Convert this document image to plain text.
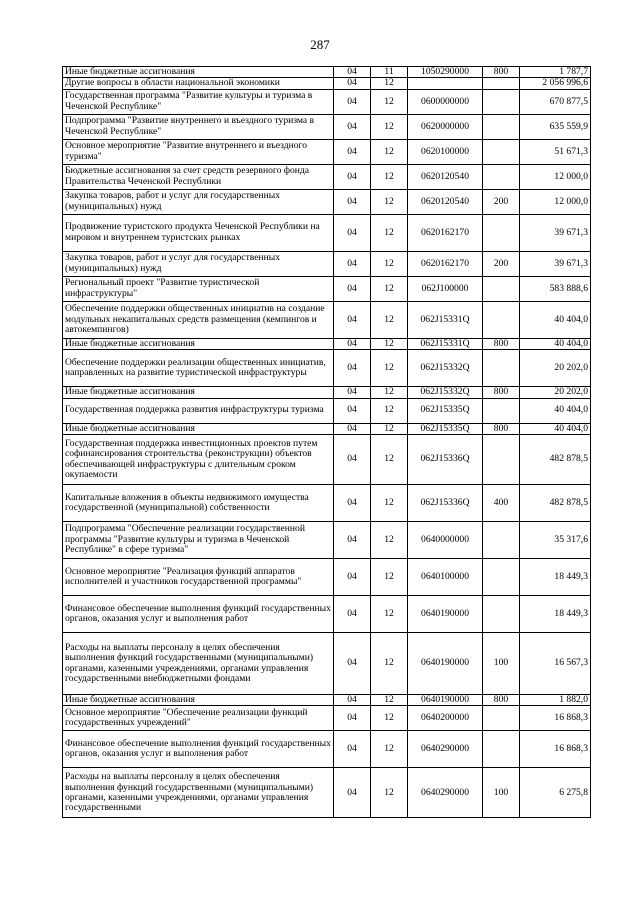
287
Иные бюджетные ассигнования	04	11	1050290000	800	1 787,7
Другие вопросы в области национальной экономики	04	12			2 056 996,6
Государственная программа "Развитие культуры и туризма в Чеченской Республике"	04	12	0600000000		670 877,5
Подпрограмма "Развитие внутреннего и въездного туризма в Чеченской Республике"	04	12	0620000000		635 559,9
Основное мероприятие "Развитие внутреннего и въездного туризма"	04	12	0620100000		51 671,3
Бюджетные ассигнования за счет средств резервного фонда Правительства Чеченской Республики	04	12	0620120540		12 000,0
Закупка товаров, работ и услуг для государственных (муниципальных) нужд	04	12	0620120540	200	12 000,0
Продвижение туристского продукта Чеченской Республики на мировом и внутреннем туристских рынках	04	12	0620162170		39 671,3
Закупка товаров, работ и услуг для государственных (муниципальных) нужд	04	12	0620162170	200	39 671,3
Региональный проект "Развитие туристической инфраструктуры"	04	12	062J100000		583 888,6
Обеспечение поддержки общественных инициатив на создание модульных некапитальных средств размещения (кемпингов и автокемпингов)	04	12	062J15331Q		40 404,0
Иные бюджетные ассигнования	04	12	062J15331Q	800	40 404,0
Обеспечение поддержки реализации общественных инициатив, направленных на развитие туристической инфраструктуры	04	12	062J15332Q		20 202,0
Иные бюджетные ассигнования	04	12	062J15332Q	800	20 202,0
Государственная поддержка развития инфраструктуры туризма	04	12	062J15335Q		40 404,0
Иные бюджетные ассигнования	04	12	062J15335Q	800	40 404,0
Государственная поддержка инвестиционных проектов путем софинансирования строительства (реконструкции) объектов обеспечивающей инфраструктуры с длительным сроком окупаемости	04	12	062J15336Q		482 878,5
Капитальные вложения в объекты недвижимого имущества государственной (муниципальной) собственности	04	12	062J15336Q	400	482 878,5
Подпрограмма "Обеспечение реализации государственной программы "Развитие культуры и туризма в Чеченской Республике" в сфере туризма"	04	12	0640000000		35 317,6
Основное мероприятие "Реализация функций аппаратов исполнителей и участников государственной программы"	04	12	0640100000		18 449,3
Финансовое обеспечение выполнения функций государственных органов, оказания услуг и выполнения работ	04	12	0640190000		18 449,3
Расходы на выплаты персоналу в целях обеспечения выполнения функций государственными (муниципальными) органами, казенными учреждениями, органами управления государственными внебюджетными фондами	04	12	0640190000	100	16 567,3
Иные бюджетные ассигнования	04	12	0640190000	800	1 882,0
Основное мероприятие "Обеспечение реализации функций государственных учреждений"	04	12	0640200000		16 868,3
Финансовое обеспечение выполнения функций государственных органов, оказания услуг и выполнения работ	04	12	0640290000		16 868,3
Расходы на выплаты персоналу в целях обеспечения выполнения функций государственными (муниципальными) органами, казенными учреждениями, органами управления государственными	04	12	0640290000	100	6 275,8
